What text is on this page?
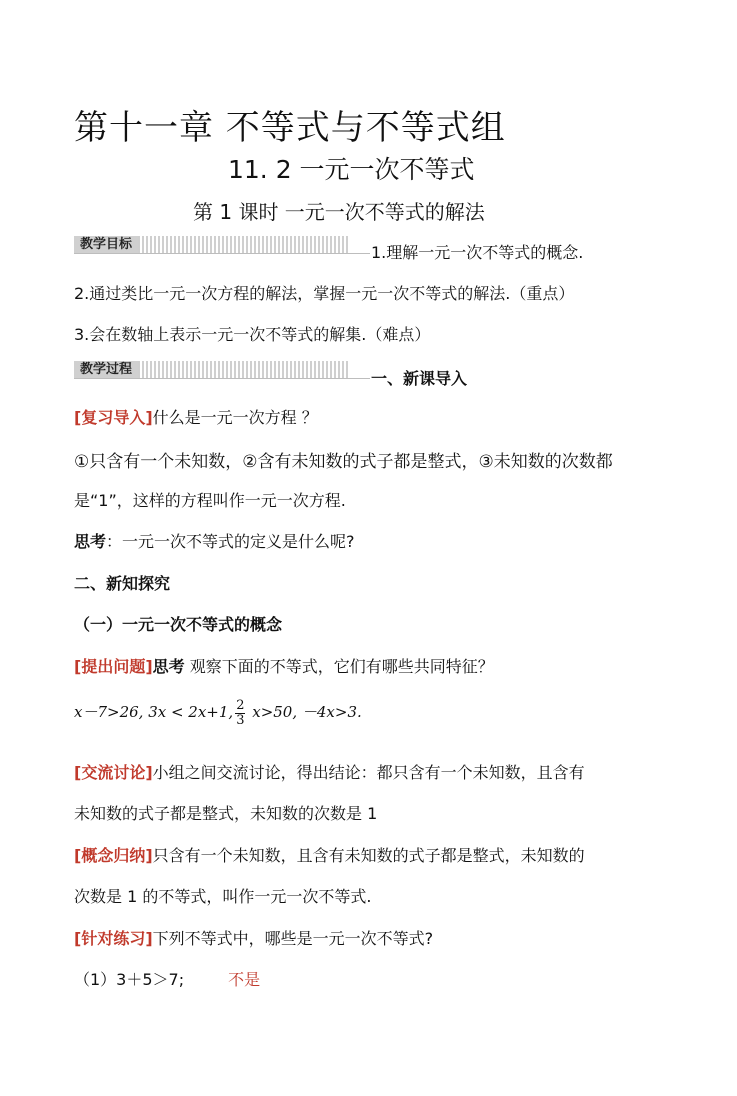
第十一章 不等式与不等式组
11. 2 一元一次不等式
第 1 课时 一元一次不等式的解法
教学目标	1.理解一元一次不等式的概念.
2.通过类比一元一次方程的解法，掌握一元一次不等式的解法.（重点）
3.会在数轴上表示一元一次不等式的解集.（难点）
教学过程	一、新课导入
[复习导入]什么是一元一次方程 ？
①只含有一个未知数，②含有未知数的式子都是整式，③未知数的次数都
是“1”，这样的方程叫作一元一次方程.
思考：一元一次不等式的定义是什么呢?
二、新知探究
（一）一元一次不等式的概念
[提出问题]思考 观察下面的不等式，它们有哪些共同特征？
x－7>26, 3x < 2x+1, $\frac{2}{3} x>50$, －4x>3.
[交流讨论]小组之间交流讨论，得出结论：都只含有一个未知数，且含有
未知数的式子都是整式，未知数的次数是 1
[概念归纳]只含有一个未知数，且含有未知数的式子都是整式，未知数的
次数是 1 的不等式，叫作一元一次不等式.
[针对练习]下列不等式中，哪些是一元一次不等式?
（1）3＋5＞7;	不是
